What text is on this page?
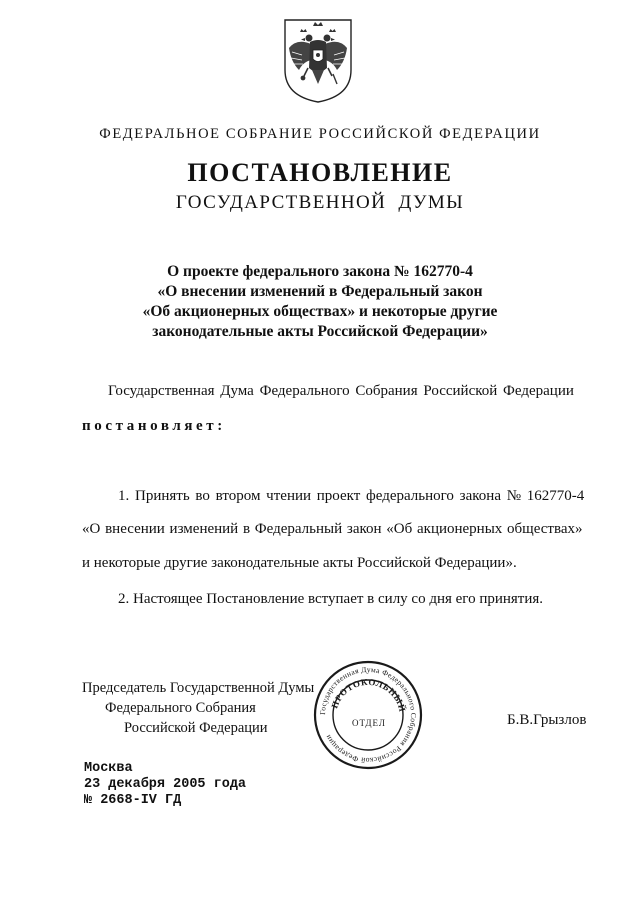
ФЕДЕРАЛЬНОЕ СОБРАНИЕ РОССИЙСКОЙ ФЕДЕРАЦИИ
ПОСТАНОВЛЕНИЕ
ГОСУДАРСТВЕННОЙ ДУМЫ
О проекте федерального закона № 162770-4
«О внесении изменений в Федеральный закон
«Об акционерных обществах» и некоторые другие
законодательные акты Российской Федерации»
Государственная Дума Федерального Собрания Российской Федерации
постановляет:
1. Принять во втором чтении проект федерального закона № 162770-4
«О внесении изменений в Федеральный закон «Об акционерных обществах»
и некоторые другие законодательные акты Российской Федерации».
2. Настоящее Постановление вступает в силу со дня его принятия.
Председатель Государственной Думы
Федерального Собрания
Российской Федерации
Государственная Дума Федерального Собрания Российской Федерации
ПРОТОКОЛЬНЫЙ
ОТДЕЛ	Б.В.Грызлов
Москва
23 декабря 2005 года
№ 2668-IV ГД
